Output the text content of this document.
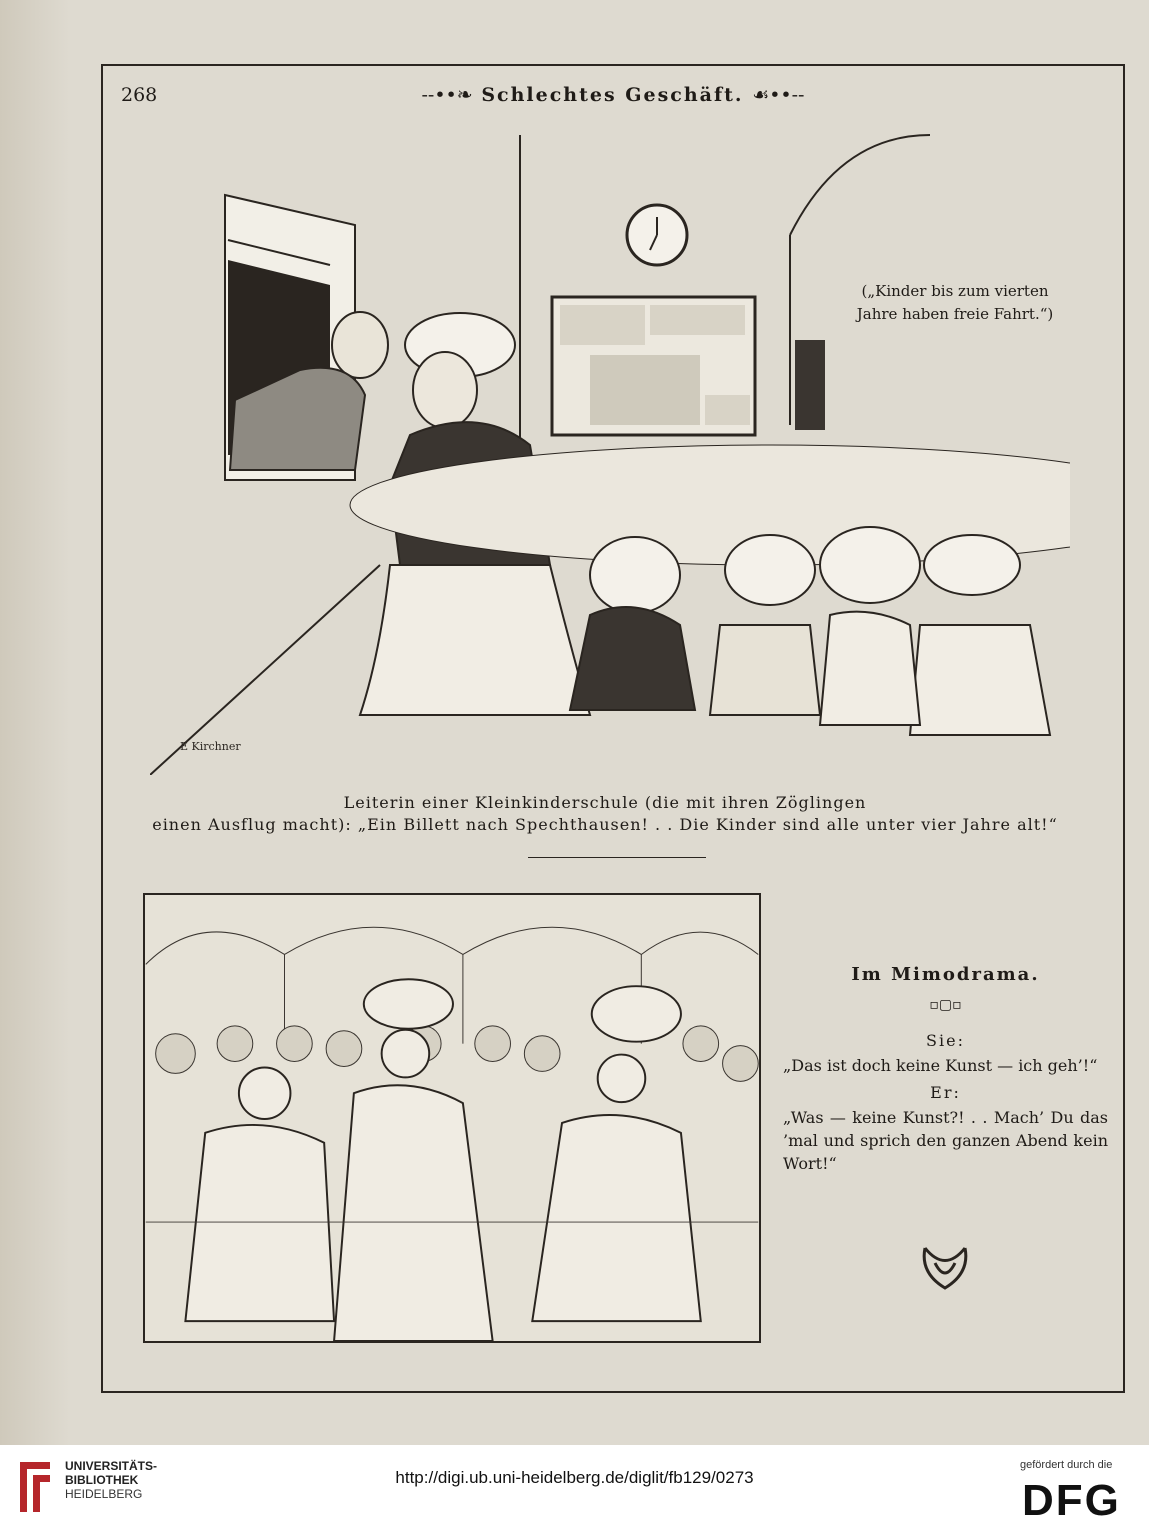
268	--••❧ Schlechtes Geschäft. ☙••--
E Kirchner
(„Kinder bis zum vierten Jahre haben freie Fahrt.“)
Leiterin einer Kleinkinderschule (die mit ihren Zöglingen
einen Ausflug macht): „Ein Billett nach Spechthausen! . . Die Kinder sind alle unter vier Jahre alt!“
Im Mimodrama.
▫▢▫
Sie:
„Das ist doch keine Kunst — ich geh’!“
Er:
„Was — keine Kunst?! . . Mach’ Du das ’mal und sprich den ganzen Abend kein Wort!“
UNIVERSITÄTS-
BIBLIOTHEK
HEIDELBERG
http://digi.ub.uni-heidelberg.de/diglit/fb129/0273
gefördert durch die
DFG
